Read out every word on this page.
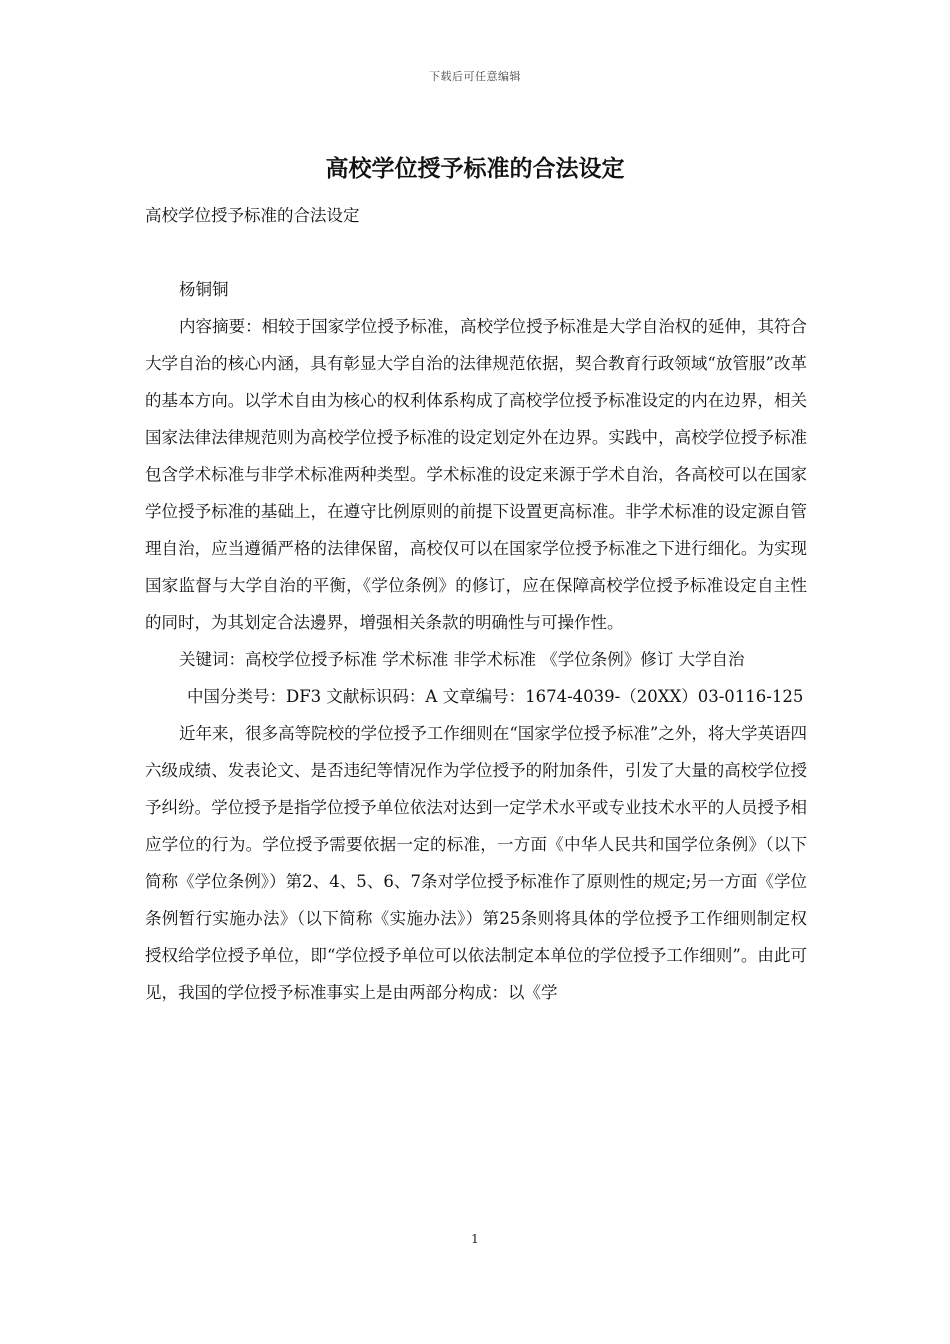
下载后可任意编辑
高校学位授予标准的合法设定

高校学位授予标准的合法设定

杨铜铜

内容摘要：相较于国家学位授予标准，高校学位授予标准是大学自治权的延伸，其符合大学自治的核心内涵，具有彰显大学自治的法律规范依据，契合教育行政领域“放管服”改革的基本方向。以学术自由为核心的权利体系构成了高校学位授予标准设定的内在边界，相关国家法律法律规范则为高校学位授予标准的设定划定外在边界。实践中，高校学位授予标准包含学术标准与非学术标准两种类型。学术标准的设定来源于学术自治，各高校可以在国家学位授予标准的基础上，在遵守比例原则的前提下设置更高标准。非学术标准的设定源自管理自治，应当遵循严格的法律保留，高校仅可以在国家学位授予标准之下进行细化。为实现国家监督与大学自治的平衡，《学位条例》的修订，应在保障高校学位授予标准设定自主性的同时，为其划定合法邊界，增强相关条款的明确性与可操作性。

关键词：高校学位授予标准 学术标准 非学术标准 《学位条例》修订 大学自治

中国分类号：DF3 文献标识码：A 文章编号：1674-4039-（20XX）03-0116-125

近年来，很多高等院校的学位授予工作细则在“国家学位授予标准”之外，将大学英语四六级成绩、发表论文、是否违纪等情况作为学位授予的附加条件，引发了大量的高校学位授予纠纷。学位授予是指学位授予单位依法对达到一定学术水平或专业技术水平的人员授予相应学位的行为。学位授予需要依据一定的标准，一方面《中华人民共和国学位条例》（以下简称《学位条例》）第2、4、5、6、7条对学位授予标准作了原则性的规定;另一方面《学位条例暂行实施办法》（以下简称《实施办法》）第25条则将具体的学位授予工作细则制定权授权给学位授予单位，即“学位授予单位可以依法制定本单位的学位授予工作细则”。由此可见，我国的学位授予标准事实上是由两部分构成：以《学

1
